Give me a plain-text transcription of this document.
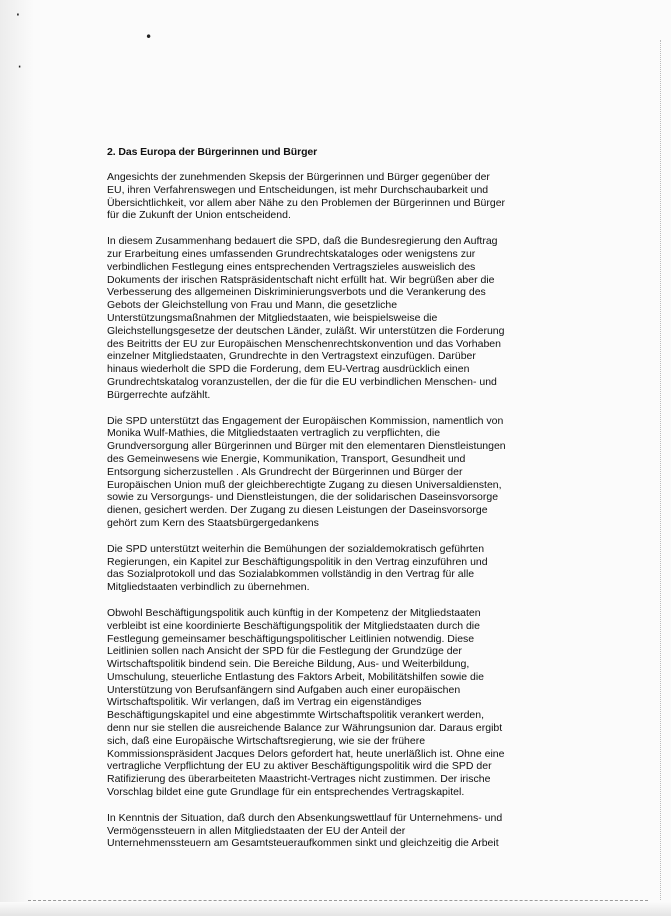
·
·
•
2. Das Europa der Bürgerinnen und Bürger
Angesichts der zunehmenden Skepsis der Bürgerinnen und Bürger gegenüber der
EU, ihren Verfahrenswegen und Entscheidungen, ist mehr Durchschaubarkeit und
Übersichtlichkeit, vor allem aber Nähe zu den Problemen der Bürgerinnen und Bürger
für die Zukunft der Union entscheidend.
In diesem Zusammenhang bedauert die SPD, daß die Bundesregierung den Auftrag
zur Erarbeitung eines umfassenden Grundrechtskataloges oder wenigstens zur
verbindlichen Festlegung eines entsprechenden Vertragszieles ausweislich des
Dokuments der irischen Ratspräsidentschaft nicht erfüllt hat. Wir begrüßen aber die
Verbesserung des allgemeinen Diskriminierungsverbots und die Verankerung des
Gebots der Gleichstellung von Frau und Mann, die gesetzliche
Unterstützungsmaßnahmen der Mitgliedstaaten, wie beispielsweise die
Gleichstellungsgesetze der deutschen Länder, zuläßt. Wir unterstützen die Forderung
des Beitritts der EU zur Europäischen Menschenrechtskonvention und das Vorhaben
einzelner Mitgliedstaaten, Grundrechte in den Vertragstext einzufügen. Darüber
hinaus wiederholt die SPD die Forderung, dem EU-Vertrag ausdrücklich einen
Grundrechtskatalog voranzustellen, der die für die EU verbindlichen Menschen- und
Bürgerrechte aufzählt.
Die SPD unterstützt das Engagement der Europäischen Kommission, namentlich von
Monika Wulf-Mathies, die Mitgliedstaaten vertraglich zu verpflichten, die
Grundversorgung aller Bürgerinnen und Bürger mit den elementaren Dienstleistungen
des Gemeinwesens wie Energie, Kommunikation, Transport, Gesundheit und
Entsorgung sicherzustellen . Als Grundrecht der Bürgerinnen und Bürger der
Europäischen Union muß der gleichberechtigte Zugang zu diesen Universaldiensten,
sowie zu Versorgungs- und Dienstleistungen, die der solidarischen Daseinsvorsorge
dienen, gesichert werden. Der Zugang zu diesen Leistungen der Daseinsvorsorge
gehört zum Kern des Staatsbürgergedankens
Die SPD unterstützt weiterhin die Bemühungen der sozialdemokratisch geführten
Regierungen, ein Kapitel zur Beschäftigungspolitik in den Vertrag einzuführen und
das Sozialprotokoll und das Sozialabkommen vollständig in den Vertrag für alle
Mitgliedstaaten verbindlich zu übernehmen.
Obwohl Beschäftigungspolitik auch künftig in der Kompetenz der Mitgliedstaaten
verbleibt ist eine koordinierte Beschäftigungspolitik der Mitgliedstaaten durch die
Festlegung gemeinsamer beschäftigungspolitischer Leitlinien notwendig. Diese
Leitlinien sollen nach Ansicht der SPD für die Festlegung der Grundzüge der
Wirtschaftspolitik bindend sein. Die Bereiche Bildung, Aus- und Weiterbildung,
Umschulung, steuerliche Entlastung des Faktors Arbeit, Mobilitätshilfen sowie die
Unterstützung von Berufsanfängern sind Aufgaben auch einer europäischen
Wirtschaftspolitik. Wir verlangen, daß im Vertrag ein eigenständiges
Beschäftigungskapitel und eine abgestimmte Wirtschaftspolitik verankert werden,
denn nur sie stellen die ausreichende Balance zur Währungsunion dar. Daraus ergibt
sich, daß eine Europäische Wirtschaftsregierung, wie sie der frühere
Kommissionspräsident Jacques Delors gefordert hat, heute unerläßlich ist. Ohne eine
vertragliche Verpflichtung der EU zu aktiver Beschäftigungspolitik wird die SPD der
Ratifizierung des überarbeiteten Maastricht-Vertrages nicht zustimmen. Der irische
Vorschlag bildet eine gute Grundlage für ein entsprechendes Vertragskapitel.
In Kenntnis der Situation, daß durch den Absenkungswettlauf für Unternehmens- und
Vermögenssteuern in allen Mitgliedstaaten der EU der Anteil der
Unternehmenssteuern am Gesamtsteueraufkommen sinkt und gleichzeitig die Arbeit
